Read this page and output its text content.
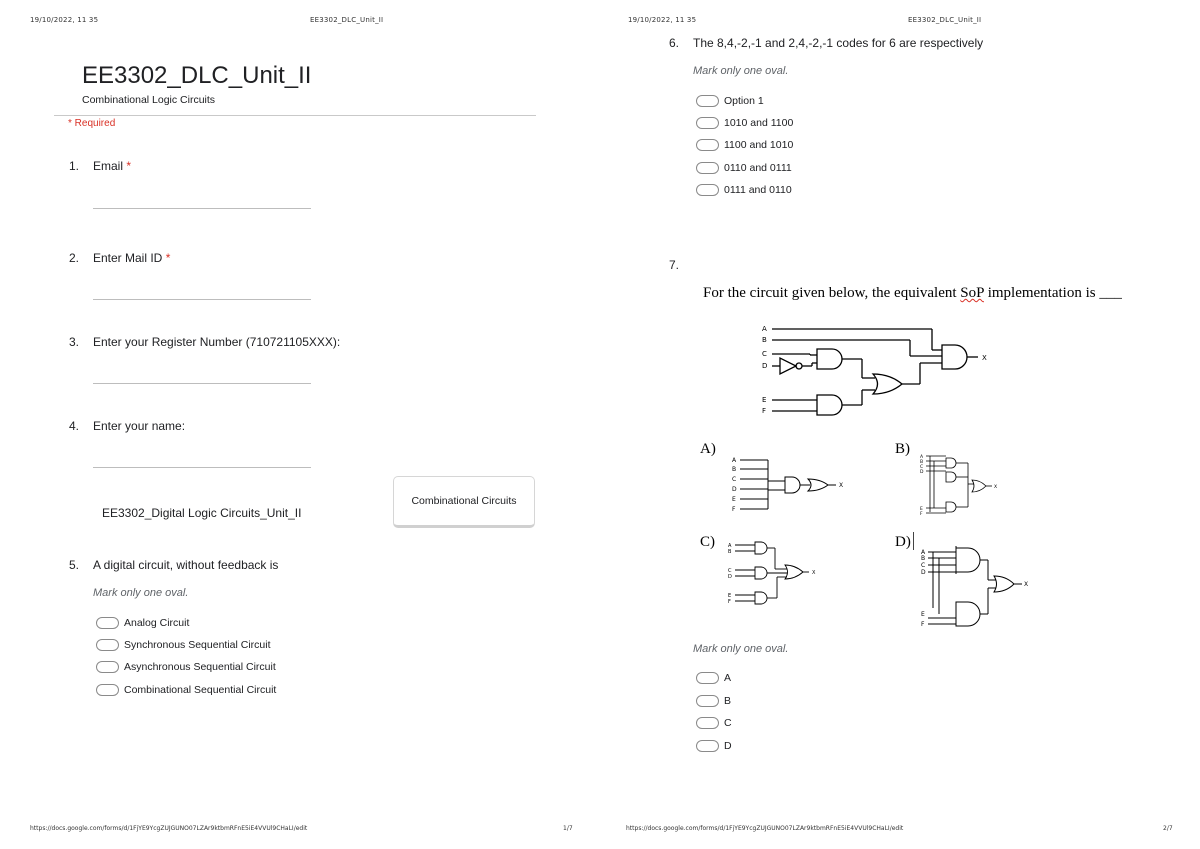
19/10/2022, 11 35	EE3302_DLC_Unit_II
EE3302_DLC_Unit_II
Combinational Logic Circuits
* Required
1. Email *
2. Enter Mail ID *
3. Enter your Register Number (710721105XXX):
4. Enter your name:
EE3302_Digital Logic Circuits_Unit_II
Combinational Circuits
5. A digital circuit, without feedback is
Mark only one oval.
Analog Circuit
Synchronous Sequential Circuit
Asynchronous Sequential Circuit
Combinational Sequential Circuit
https://docs.google.com/forms/d/1FjYE9YcgZUJGUNO07LZAr9ktbmRFnE5iE4VVUl9CHaLI/edit	1/7
19/10/2022, 11 35	EE3302_DLC_Unit_II
6. The 8,4,-2,-1 and 2,4,-2,-1 codes for 6 are respectively
Mark only one oval.
Option 1
1010 and 1100
1100 and 1010
0110 and 0111
0111 and 0110
7.
For the circuit given below, the equivalent SoP implementation is ___
A
B
C
D
E
F
X
A)	B)
C)	D)
A
B
C
D
E
F
X
A
B
C
D
E
F
X
A
B
C
D
E
F
X
A
B
C
D
E
F
X
Mark only one oval.
A
B
C
D
https://docs.google.com/forms/d/1FjYE9YcgZUJGUNO07LZAr9ktbmRFnE5iE4VVUl9CHaLI/edit	2/7
